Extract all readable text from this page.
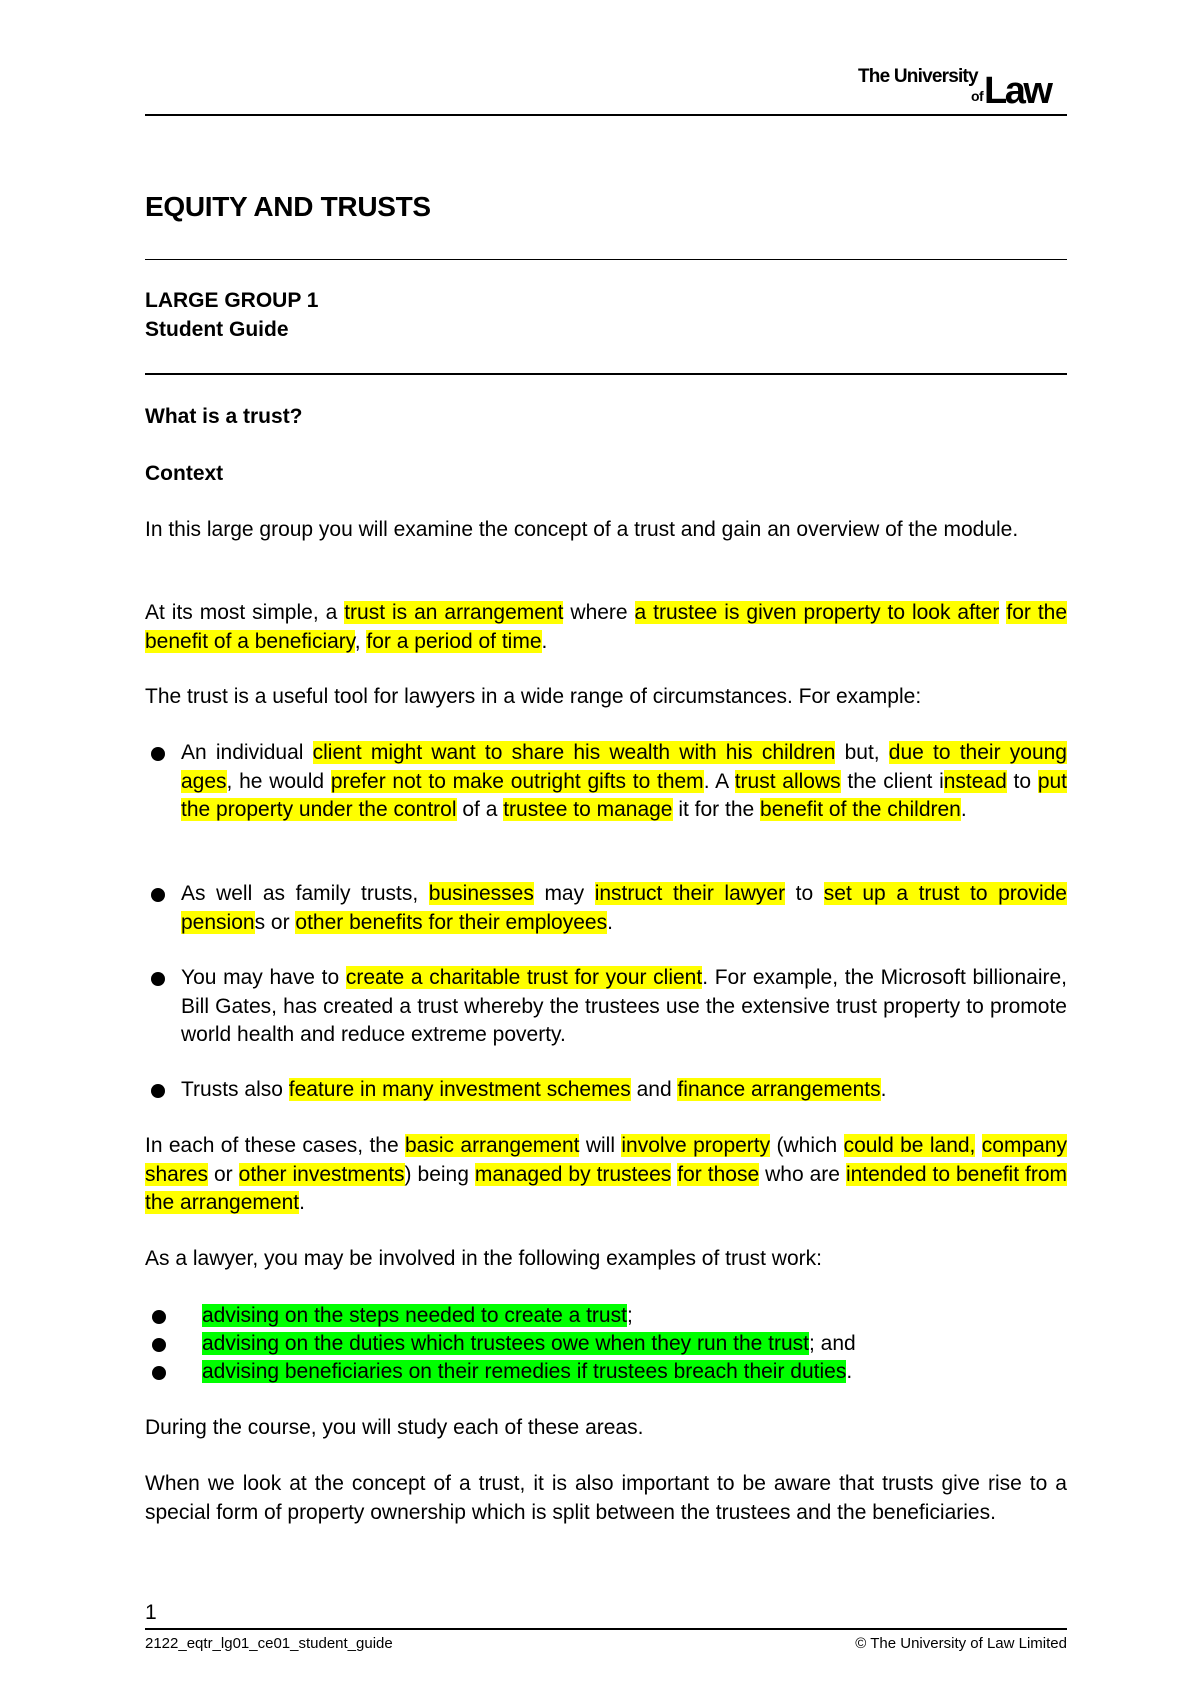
The University
of Law
EQUITY AND TRUSTS

LARGE GROUP 1

Student Guide

What is a trust?

Context

In this large group you will examine the concept of a trust and gain an overview of the module.

At its most simple, a trust is an arrangement where a trustee is given property to look after for the benefit of a beneficiary, for a period of time.

The trust is a useful tool for lawyers in a wide range of circumstances. For example:

An individual client might want to share his wealth with his children but, due to their young ages, he would prefer not to make outright gifts to them. A trust allows the client instead to put the property under the control of a trustee to manage it for the benefit of the children.
As well as family trusts, businesses may instruct their lawyer to set up a trust to provide pensions or other benefits for their employees.
You may have to create a charitable trust for your client. For example, the Microsoft billionaire, Bill Gates, has created a trust whereby the trustees use the extensive trust property to promote world health and reduce extreme poverty.
Trusts also feature in many investment schemes and finance arrangements.

In each of these cases, the basic arrangement will involve property (which could be land, company shares or other investments) being managed by trustees for those who are intended to benefit from the arrangement.

As a lawyer, you may be involved in the following examples of trust work:

advising on the steps needed to create a trust;
advising on the duties which trustees owe when they run the trust; and
advising beneficiaries on their remedies if trustees breach their duties.

During the course, you will study each of these areas.

When we look at the concept of a trust, it is also important to be aware that trusts give rise to a special form of property ownership which is split between the trustees and the beneficiaries.

1
2122_eqtr_lg01_ce01_student_guide	© The University of Law Limited
